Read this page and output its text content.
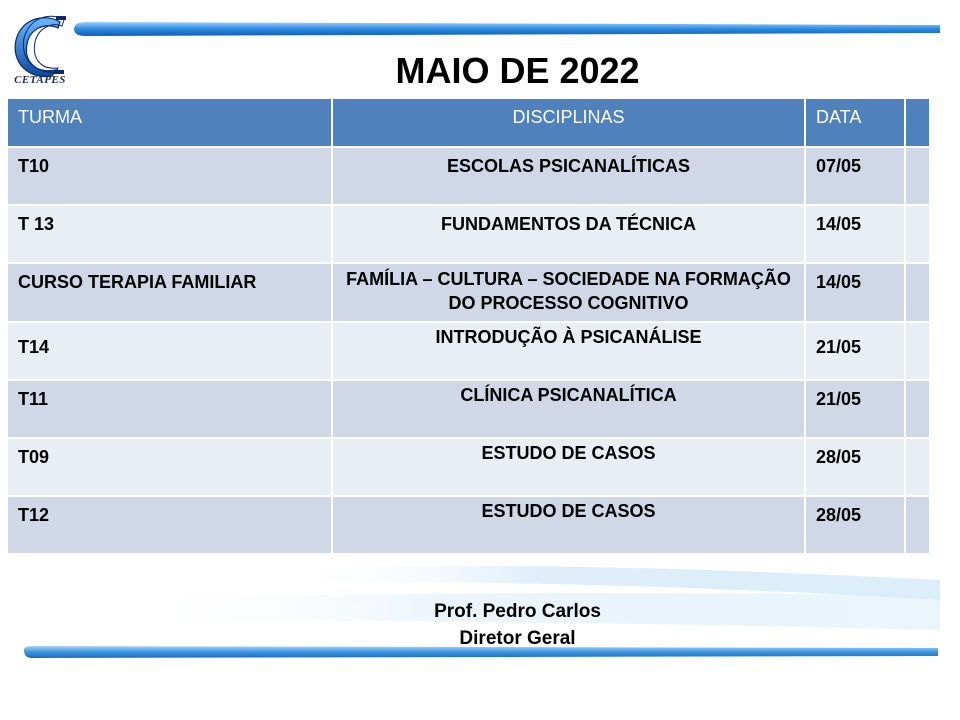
CETAPES	MAIO DE 2022
TURMA	DISCIPLINAS	DATA	
T10	ESCOLAS PSICANALÍTICAS	07/05	
T 13	FUNDAMENTOS DA TÉCNICA	14/05	
CURSO TERAPIA FAMILIAR	FAMÍLIA – CULTURA – SOCIEDADE NA FORMAÇÃO DO PROCESSO COGNITIVO	14/05	
T14	INTRODUÇÃO À PSICANÁLISE	21/05	
T11	CLÍNICA PSICANALÍTICA	21/05	
T09	ESTUDO DE CASOS	28/05	
T12	ESTUDO DE CASOS	28/05	
Prof. Pedro Carlos
Diretor Geral
